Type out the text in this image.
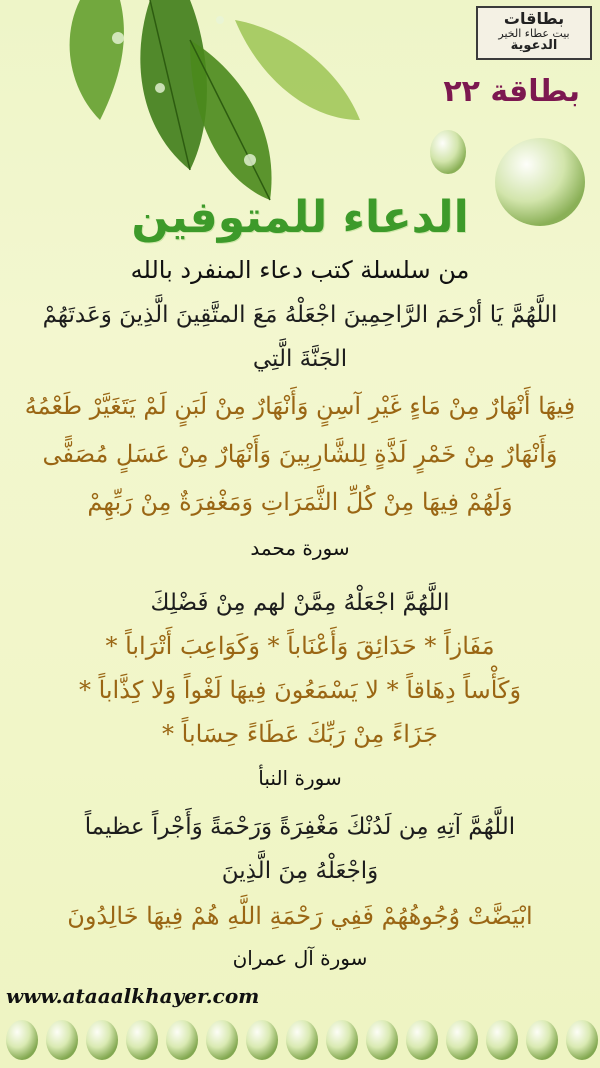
بطاقات
بيت عطاء الخير
الدعوية
بطاقة ٢٢
الدعاء للمتوفين
من سلسلة كتب دعاء المنفرد بالله
اللَّهُمَّ يَا أرْحَمَ الرَّاحِمِينَ اجْعَلْهُ مَعَ المتَّقِينَ الَّذِينَ وَعَدتَهُمْ
الجَنَّةَ الَّتِي
فِيهَا أَنْهَارٌ مِنْ مَاءٍ غَيْرِ آسِنٍ وَأَنْهَارٌ مِنْ لَبَنٍ لَمْ يَتَغَيَّرْ طَعْمُهُ
وَأَنْهَارٌ مِنْ خَمْرٍ لَذَّةٍ لِلشَّارِبِينَ وَأَنْهَارٌ مِنْ عَسَلٍ مُصَفًّى
وَلَهُمْ فِيهَا مِنْ كُلِّ الثَّمَرَاتِ وَمَغْفِرَةٌ مِنْ رَبِّهِمْ
سورة محمد
اللَّهُمَّ اجْعَلْهُ مِمَّنْ لهم مِنْ فَضْلِكَ
مَفَازاً * حَدَائِقَ وَأَعْنَاباً * وَكَوَاعِبَ أَتْرَاباً *
وَكَأْساً دِهَاقاً * لا يَسْمَعُونَ فِيهَا لَغْواً وَلا كِذَّاباً *
جَزَاءً مِنْ رَبِّكَ عَطَاءً حِسَاباً *
سورة النبأ
اللَّهُمَّ آتِهِ مِن لَدُنْكَ مَغْفِرَةً وَرَحْمَةً وَأَجْراً عظيماً
وَاجْعَلْهُ مِنَ الَّذِينَ
ابْيَضَّتْ وُجُوهُهُمْ فَفِي رَحْمَةِ اللَّهِ هُمْ فِيهَا خَالِدُونَ
سورة آل عمران
www.ataaalkhayer.com
